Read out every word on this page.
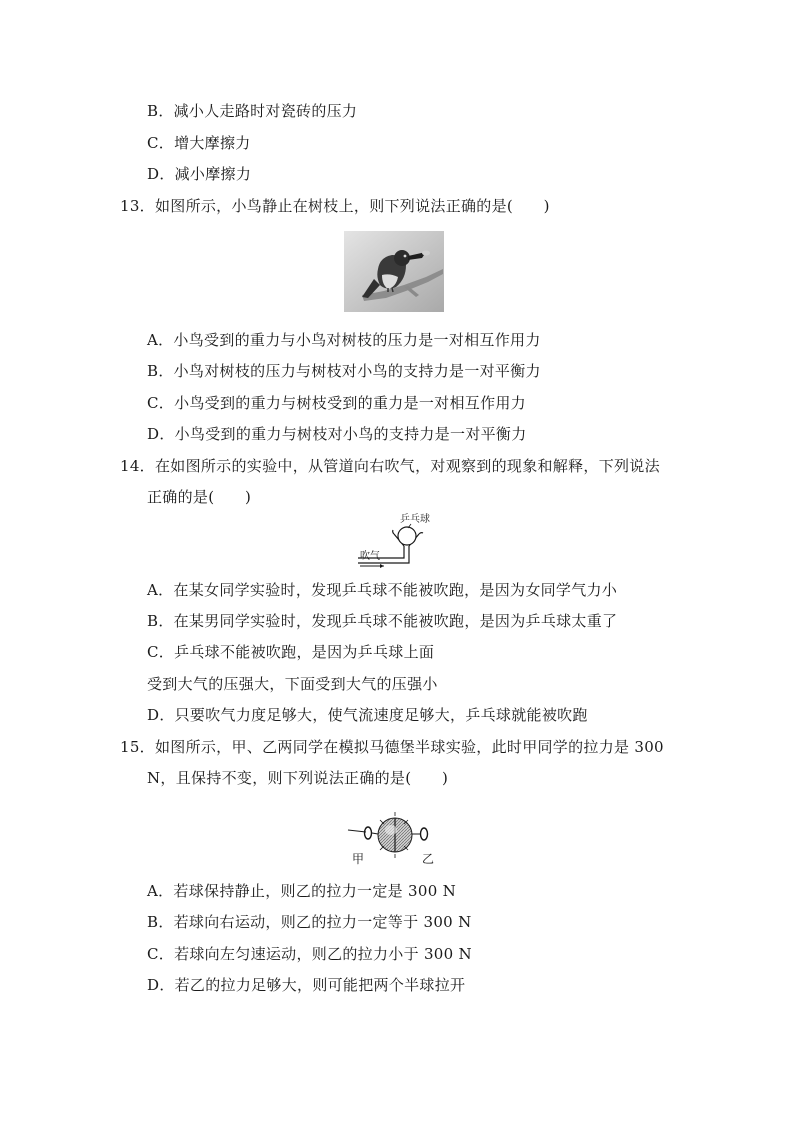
B．减小人走路时对瓷砖的压力
C．增大摩擦力
D．减小摩擦力
13．如图所示，小鸟静止在树枝上，则下列说法正确的是(　　)
A．小鸟受到的重力与小鸟对树枝的压力是一对相互作用力
B．小鸟对树枝的压力与树枝对小鸟的支持力是一对平衡力
C．小鸟受到的重力与树枝受到的重力是一对相互作用力
D．小鸟受到的重力与树枝对小鸟的支持力是一对平衡力
14．在如图所示的实验中，从管道向右吹气，对观察到的现象和解释，下列说法
正确的是(　　)
乒乓球
吹气
A．在某女同学实验时，发现乒乓球不能被吹跑，是因为女同学气力小
B．在某男同学实验时，发现乒乓球不能被吹跑，是因为乒乓球太重了
C．乒乓球不能被吹跑，是因为乒乓球上面
受到大气的压强大，下面受到大气的压强小
D．只要吹气力度足够大，使气流速度足够大，乒乓球就能被吹跑
15．如图所示，甲、乙两同学在模拟马德堡半球实验，此时甲同学的拉力是 300
N，且保持不变，则下列说法正确的是(　　)
甲	乙
A．若球保持静止，则乙的拉力一定是 300 N
B．若球向右运动，则乙的拉力一定等于 300 N
C．若球向左匀速运动，则乙的拉力小于 300 N
D．若乙的拉力足够大，则可能把两个半球拉开
